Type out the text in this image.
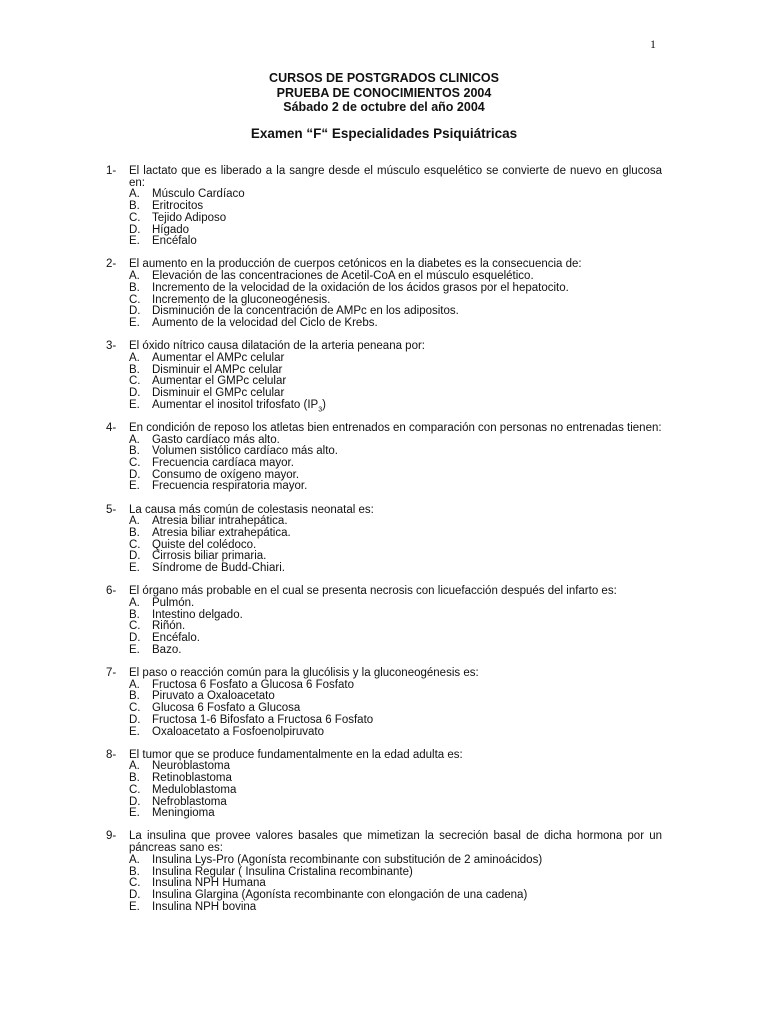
1
CURSOS DE POSTGRADOS CLINICOS
PRUEBA DE CONOCIMIENTOS 2004
Sábado 2 de octubre del año 2004
Examen “F“ Especialidades Psiquiátricas
1-	El lactato que es liberado a la sangre desde el músculo esquelético se convierte de nuevo en glucosa en:
A.	Músculo Cardíaco
B.	Eritrocitos
C.	Tejido Adiposo
D.	Hígado
E.	Encéfalo
2-	El aumento en la producción de cuerpos cetónicos en la diabetes es la consecuencia de:
A.	Elevación de las concentraciones de Acetil-CoA en el músculo esquelético.
B.	Incremento de la velocidad de la oxidación de los ácidos grasos por el hepatocito.
C.	Incremento de la gluconeogénesis.
D.	Disminución de la concentración de AMPc en los adipositos.
E.	Aumento de la velocidad del Ciclo de Krebs.
3-	El óxido nítrico causa dilatación de la arteria peneana por:
A.	Aumentar el AMPc celular
B.	Disminuir el AMPc celular
C.	Aumentar el GMPc celular
D.	Disminuir el GMPc celular
E.	Aumentar el inositol trifosfato $(IP_3)$
4-	En condición de reposo los atletas bien entrenados en comparación con personas no entrenadas tienen:
A.	Gasto cardíaco más alto.
B.	Volumen sistólico cardíaco más alto.
C.	Frecuencia cardíaca mayor.
D.	Consumo de oxígeno mayor.
E.	Frecuencia respiratoria mayor.
5-	La causa más común de colestasis neonatal es:
A.	Atresia biliar intrahepática.
B.	Atresia biliar extrahepática.
C.	Quiste del colédoco.
D.	Cirrosis biliar primaria.
E.	Síndrome de Budd-Chiari.
6-	El órgano más probable en el cual se presenta necrosis con licuefacción después del infarto es:
A.	Pulmón.
B.	Intestino delgado.
C.	Riñón.
D.	Encéfalo.
E.	Bazo.
7-	El paso o reacción común para la glucólisis y la gluconeogénesis es:
A.	Fructosa 6 Fosfato a Glucosa 6 Fosfato
B.	Piruvato a Oxaloacetato
C.	Glucosa 6 Fosfato a Glucosa
D.	Fructosa 1-6 Bifosfato a Fructosa 6 Fosfato
E.	Oxaloacetato a Fosfoenolpiruvato
8-	El tumor que se produce fundamentalmente en la edad adulta es:
A.	Neuroblastoma
B.	Retinoblastoma
C.	Meduloblastoma
D.	Nefroblastoma
E.	Meningioma
9-	La insulina que provee valores basales que mimetizan la secreción basal de dicha hormona por un páncreas sano es:
A.	Insulina Lys-Pro (Agonísta recombinante con substitución de 2 aminoácidos)
B.	Insulina Regular ( Insulina Cristalina recombinante)
C.	Insulina NPH Humana
D.	Insulina Glargina (Agonísta recombinante con elongación de una cadena)
E.	Insulina NPH bovina
